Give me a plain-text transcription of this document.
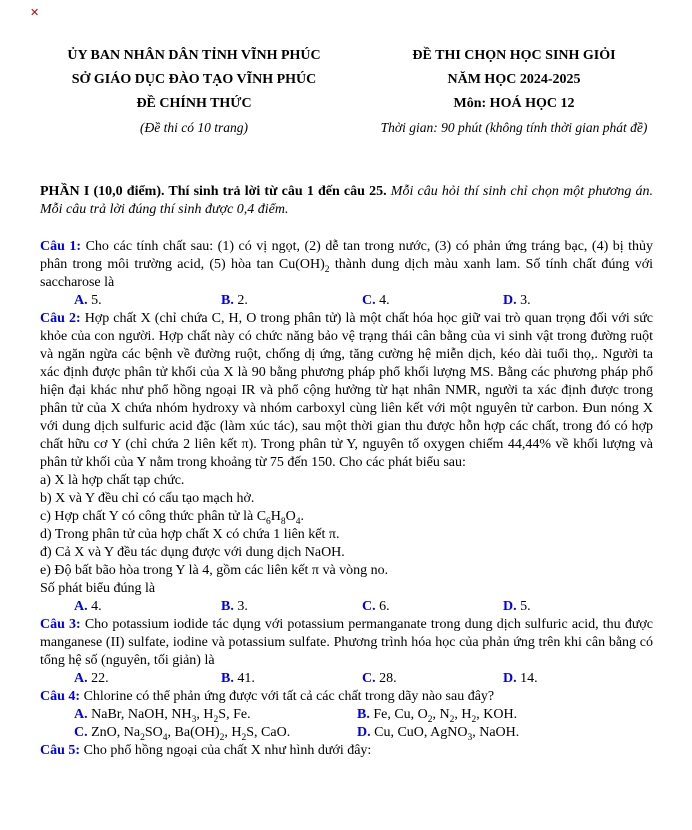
✕
ỦY BAN NHÂN DÂN TỈNH VĨNH PHÚC
SỞ GIÁO DỤC ĐÀO TẠO VĨNH PHÚC
ĐỀ CHÍNH THỨC
(Đề thi có 10 trang)
ĐỀ THI CHỌN HỌC SINH GIỎI
NĂM HỌC 2024-2025
Môn: HOÁ HỌC 12
Thời gian: 90 phút (không tính thời gian phát đề)

PHẦN I (10,0 điểm). Thí sinh trả lời từ câu 1 đến câu 25. Mỗi câu hỏi thí sinh chỉ chọn một phương án. Mỗi câu trả lời đúng thí sinh được 0,4 điểm.

Câu 1: Cho các tính chất sau: (1) có vị ngọt, (2) dễ tan trong nước, (3) có phản ứng tráng bạc, (4) bị thủy phân trong môi trường acid, (5) hòa $\tan Cu(OH)_2$ thành dung dịch màu xanh lam. Số tính chất đúng với saccharose là

A. 5.	B. 2.	C. 4.	D. 3.

Câu 2: Hợp chất X (chỉ chứa C, H, O trong phân tử) là một chất hóa học giữ vai trò quan trọng đối với sức khỏe của con người. Hợp chất này có chức năng bảo vệ trạng thái cân bằng của vi sinh vật trong đường ruột và ngăn ngừa các bệnh về đường ruột, chống dị ứng, tăng cường hệ miễn dịch, kéo dài tuổi thọ,. Người ta xác định được phân tử khối của X là 90 bằng phương pháp phổ khối lượng MS. Bằng các phương pháp phổ hiện đại khác như phổ hồng ngoại IR và phổ cộng hưởng từ hạt nhân NMR, người ta xác định được trong phân tử của X chứa nhóm hydroxy và nhóm carboxyl cùng liên kết với một nguyên tử carbon. Đun nóng X với dung dịch sulfuric acid đặc (làm xúc tác), sau một thời gian thu được hỗn hợp các chất, trong đó có hợp chất hữu cơ Y (chỉ chứa 2 liên kết π). Trong phân tử Y, nguyên tố oxygen chiếm 44,44% về khối lượng và phân tử khối của Y nằm trong khoảng từ 75 đến 150. Cho các phát biểu sau:

a) X là hợp chất tạp chức.
b) X và Y đều chỉ có cấu tạo mạch hở.
c) Hợp chất Y có công thức phân tử là $C_6H_8O_4$.
d) Trong phân tử của hợp chất X có chứa 1 liên kết π.
đ) Cả X và Y đều tác dụng được với dung dịch NaOH.
e) Độ bất bão hòa trong Y là 4, gồm các liên kết π và vòng no.
Số phát biểu đúng là
A. 4.	B. 3.	C. 6.	D. 5.

Câu 3: Cho potassium iodide tác dụng với potassium permanganate trong dung dịch sulfuric acid, thu được manganese (II) sulfate, iodine và potassium sulfate. Phương trình hóa học của phản ứng trên khi cân bằng có tổng hệ số (nguyên, tối giản) là

A. 22.	B. 41.	C. 28.	D. 14.

Câu 4: Chlorine có thể phản ứng được với tất cả các chất trong dãy nào sau đây?

A. NaBr, NaOH, $NH_3$, $H_2S$, Fe.	B. Fe, Cu, $O_2$, $N_2$, $H_2$, KOH.
C. ZnO, $Na_2SO_4$, $Ba(OH)_2$, $H_2S$, CaO.	D. Cu, CuO, AgNO$_3$, NaOH.

Câu 5: Cho phổ hồng ngoại của chất X như hình dưới đây:
